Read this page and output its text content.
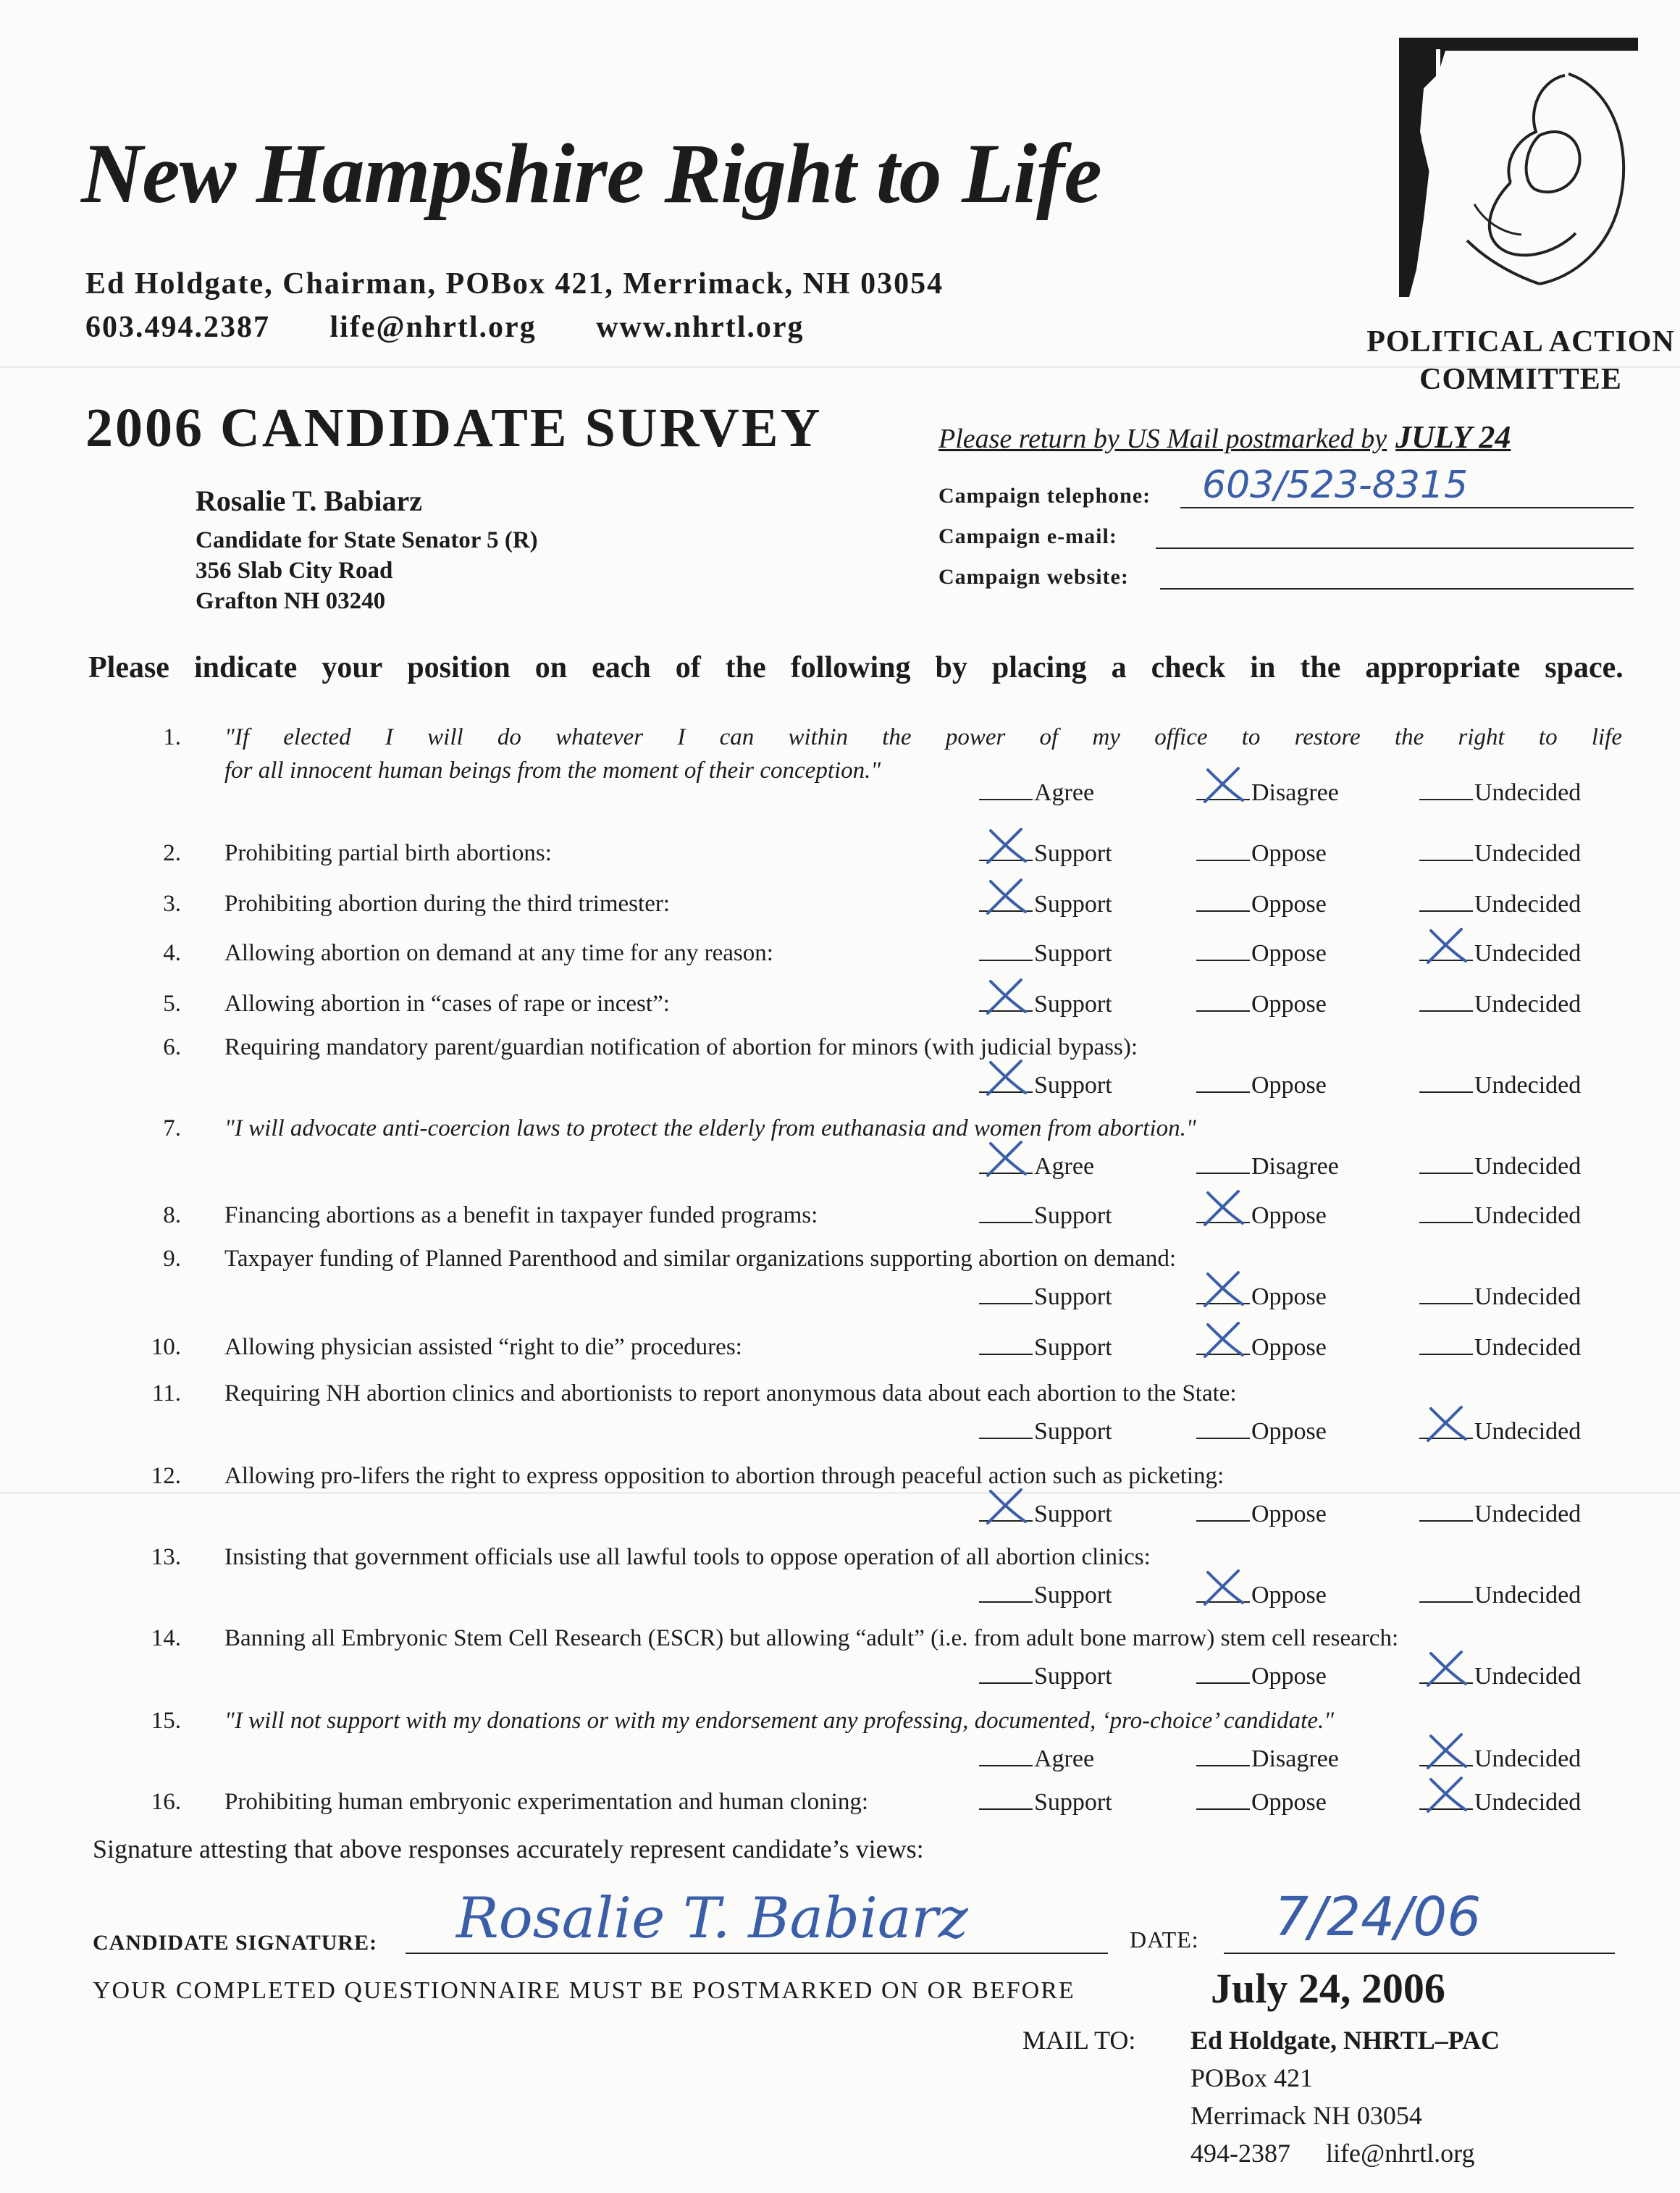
New Hampshire Right to Life
Ed Holdgate, Chairman, POBox 421, Merrimack, NH 03054
603.494.2387 life@nhrtl.org www.nhrtl.org	POLITICAL ACTION
COMMITTEE
2006 CANDIDATE SURVEY
Rosalie T. Babiarz
Candidate for State Senator 5 (R)
356 Slab City Road
Grafton NH 03240
Please return by US Mail postmarked by JULY 24
Campaign telephone: 603/523-8315
Campaign e-mail:
Campaign website:
Please indicate your position on each of the following by placing a check in the appropriate space.
1. "If elected I will do whatever I can within the power of my office to restore the right to life
for all innocent human beings from the moment of their conception."
Agree	Disagree	Undecided
2. Prohibiting partial birth abortions:	Support	Oppose	Undecided
3. Prohibiting abortion during the third trimester:	Support	Oppose	Undecided
4. Allowing abortion on demand at any time for any reason:	Support	Oppose	Undecided
5. Allowing abortion in “cases of rape or incest”:	Support	Oppose	Undecided
6. Requiring mandatory parent/guardian notification of abortion for minors (with judicial bypass):
Support	Oppose	Undecided
7. "I will advocate anti-coercion laws to protect the elderly from euthanasia and women from abortion."
Agree	Disagree	Undecided
8. Financing abortions as a benefit in taxpayer funded programs:	Support	Oppose	Undecided
9. Taxpayer funding of Planned Parenthood and similar organizations supporting abortion on demand:
Support	Oppose	Undecided
10. Allowing physician assisted “right to die” procedures:	Support	Oppose	Undecided
11. Requiring NH abortion clinics and abortionists to report anonymous data about each abortion to the State:
Support	Oppose	Undecided
12. Allowing pro-lifers the right to express opposition to abortion through peaceful action such as picketing:
Support	Oppose	Undecided
13. Insisting that government officials use all lawful tools to oppose operation of all abortion clinics:
Support	Oppose	Undecided
14. Banning all Embryonic Stem Cell Research (ESCR) but allowing “adult” (i.e. from adult bone marrow) stem cell research:
Support	Oppose	Undecided
15. "I will not support with my donations or with my endorsement any professing, documented, ‘pro-choice’ candidate."
Agree	Disagree	Undecided
16. Prohibiting human embryonic experimentation and human cloning:	Support	Oppose	Undecided
Signature attesting that above responses accurately represent candidate’s views:
CANDIDATE SIGNATURE: Rosalie T. Babiarz	DATE: 7/24/06
YOUR COMPLETED QUESTIONNAIRE MUST BE POSTMARKED ON OR BEFORE	July 24, 2006
MAIL TO: Ed Holdgate, NHRTL–PAC
POBox 421
Merrimack NH 03054
494-2387 life@nhrtl.org
